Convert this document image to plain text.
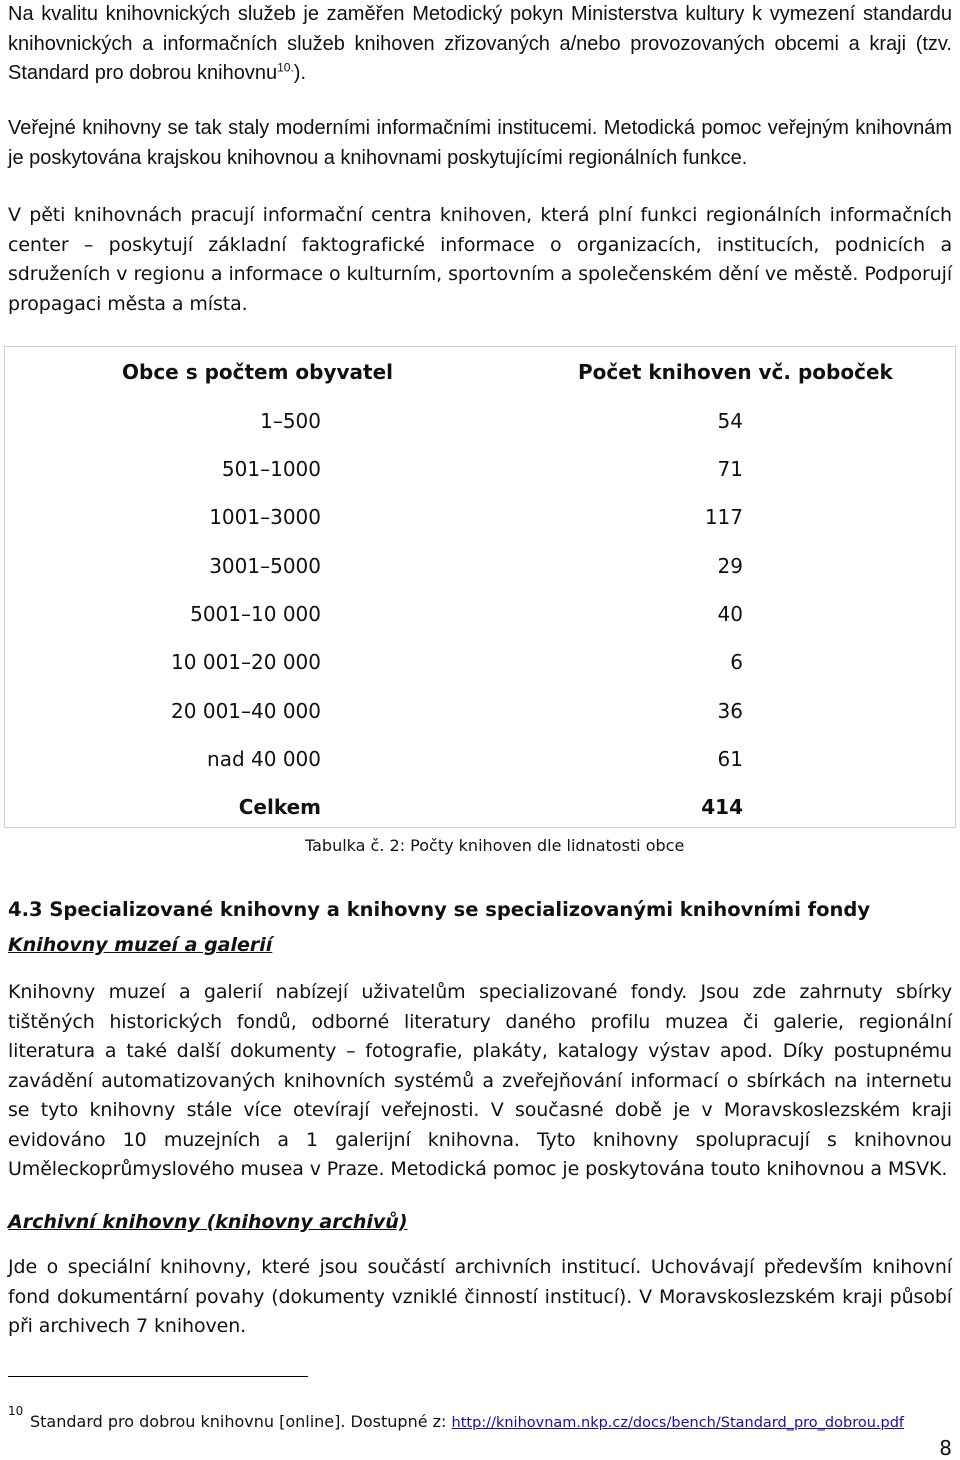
Na kvalitu knihovnických služeb je zaměřen Metodický pokyn Ministerstva kultury k vymezení standardu knihovnických a informačních služeb knihoven zřizovaných a/nebo provozovaných obcemi a kraji (tzv. Standard pro dobrou knihovnu$^{10.}$).
Veřejné knihovny se tak staly moderními informačními institucemi. Metodická pomoc veřejným knihovnám je poskytována krajskou knihovnou a knihovnami poskytujícími regionálních funkce.
V pěti knihovnách pracují informační centra knihoven, která plní funkci regionálních informačních center – poskytují základní faktografické informace o organizacích, institucích, podnicích a sdruženích v regionu a informace o kulturním, sportovním a společenském dění ve městě. Podporují propagaci města a místa.
Obce s počtem obyvatel	Počet knihoven vč. poboček
1–500	54
501–1000	71
1001–3000	117
3001–5000	29
5001–10 000	40
10 001–20 000	6
20 001–40 000	36
nad 40 000	61
Celkem	414
Tabulka č. 2: Počty knihoven dle lidnatosti obce
4.3 Specializované knihovny a knihovny se specializovanými knihovními fondy
Knihovny muzeí a galerií
Knihovny muzeí a galerií nabízejí uživatelům specializované fondy. Jsou zde zahrnuty sbírky tištěných historických fondů, odborné literatury daného profilu muzea či galerie, regionální literatura a také další dokumenty – fotografie, plakáty, katalogy výstav apod. Díky postupnému zavádění automatizovaných knihovních systémů a zveřejňování informací o sbírkách na internetu se tyto knihovny stále více otevírají veřejnosti. V současné době je v Moravskoslezském kraji evidováno 10 muzejních a 1 galerijní knihovna. Tyto knihovny spolupracují s knihovnou Uměleckoprůmyslového musea v Praze. Metodická pomoc je poskytována touto knihovnou a MSVK.
Archivní knihovny (knihovny archivů)
Jde o speciální knihovny, které jsou součástí archivních institucí. Uchovávají především knihovní fond dokumentární povahy (dokumenty vzniklé činností institucí). V Moravskoslezském kraji působí při archivech 7 knihoven.
10
Standard pro dobrou knihovnu [online]. Dostupné z: http://knihovnam.nkp.cz/docs/bench/Standard_pro_dobrou.pdf
8
